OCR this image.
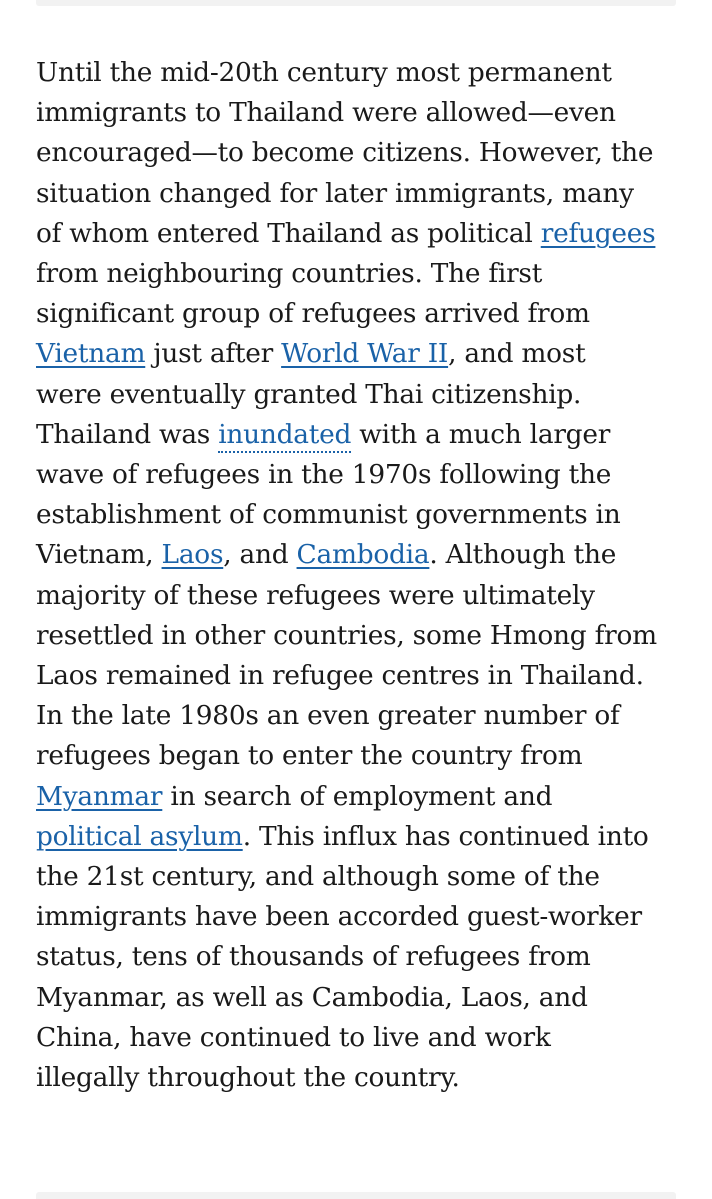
Until the mid-20th century most permanent
immigrants to Thailand were allowed—even
encouraged—to become citizens. However, the
situation changed for later immigrants, many
of whom entered Thailand as political refugees
from neighbouring countries. The first
significant group of refugees arrived from
Vietnam just after World War II, and most
were eventually granted Thai citizenship.
Thailand was inundated with a much larger
wave of refugees in the 1970s following the
establishment of communist governments in
Vietnam, Laos, and Cambodia. Although the
majority of these refugees were ultimately
resettled in other countries, some Hmong from
Laos remained in refugee centres in Thailand.
In the late 1980s an even greater number of
refugees began to enter the country from
Myanmar in search of employment and
political asylum. This influx has continued into
the 21st century, and although some of the
immigrants have been accorded guest-worker
status, tens of thousands of refugees from
Myanmar, as well as Cambodia, Laos, and
China, have continued to live and work
illegally throughout the country.
